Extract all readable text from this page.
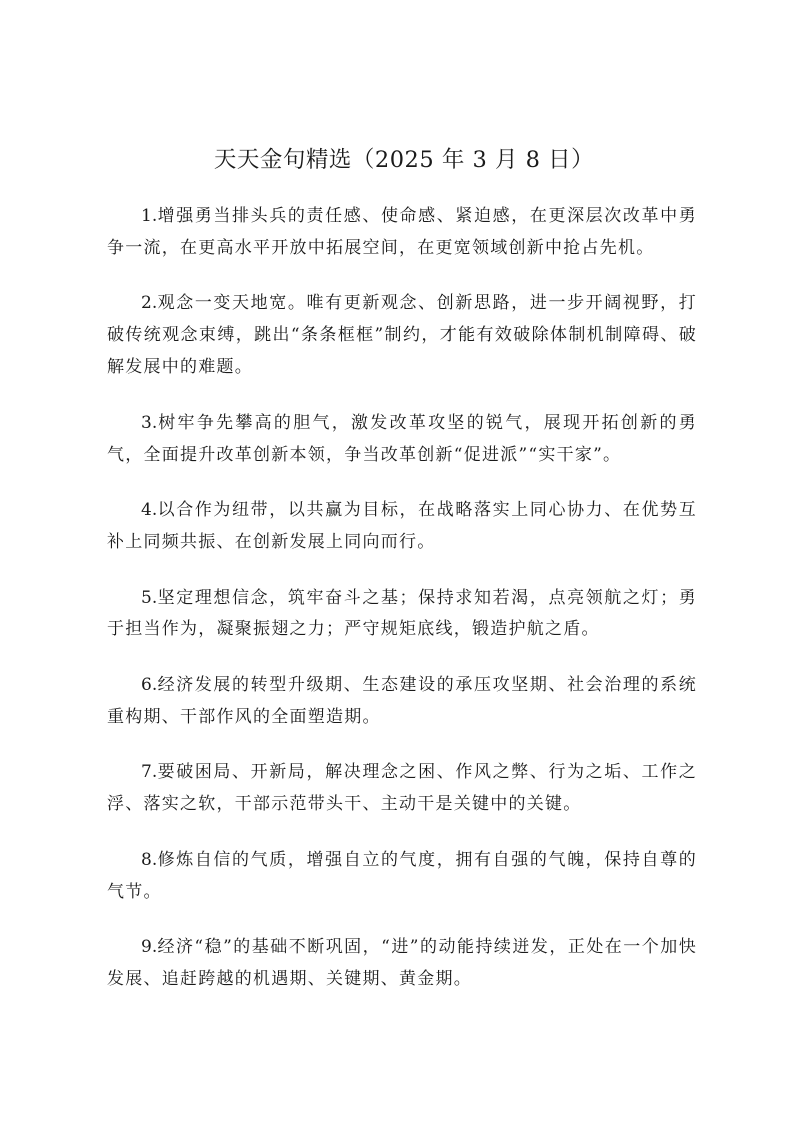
天天金句精选（2025 年 3 月 8 日）
1.增强勇当排头兵的责任感、使命感、紧迫感，在更深层次改革中勇争一流，在更高水平开放中拓展空间，在更宽领域创新中抢占先机。
2.观念一变天地宽。唯有更新观念、创新思路，进一步开阔视野，打破传统观念束缚，跳出“条条框框”制约，才能有效破除体制机制障碍、破解发展中的难题。
3.树牢争先攀高的胆气，激发改革攻坚的锐气，展现开拓创新的勇气，全面提升改革创新本领，争当改革创新“促进派”“实干家”。
4.以合作为纽带，以共赢为目标，在战略落实上同心协力、在优势互补上同频共振、在创新发展上同向而行。
5.坚定理想信念，筑牢奋斗之基；保持求知若渴，点亮领航之灯；勇于担当作为，凝聚振翅之力；严守规矩底线，锻造护航之盾。
6.经济发展的转型升级期、生态建设的承压攻坚期、社会治理的系统重构期、干部作风的全面塑造期。
7.要破困局、开新局，解决理念之困、作风之弊、行为之垢、工作之浮、落实之软，干部示范带头干、主动干是关键中的关键。
8.修炼自信的气质，增强自立的气度，拥有自强的气魄，保持自尊的气节。
9.经济“稳”的基础不断巩固，“进”的动能持续迸发，正处在一个加快发展、追赶跨越的机遇期、关键期、黄金期。
